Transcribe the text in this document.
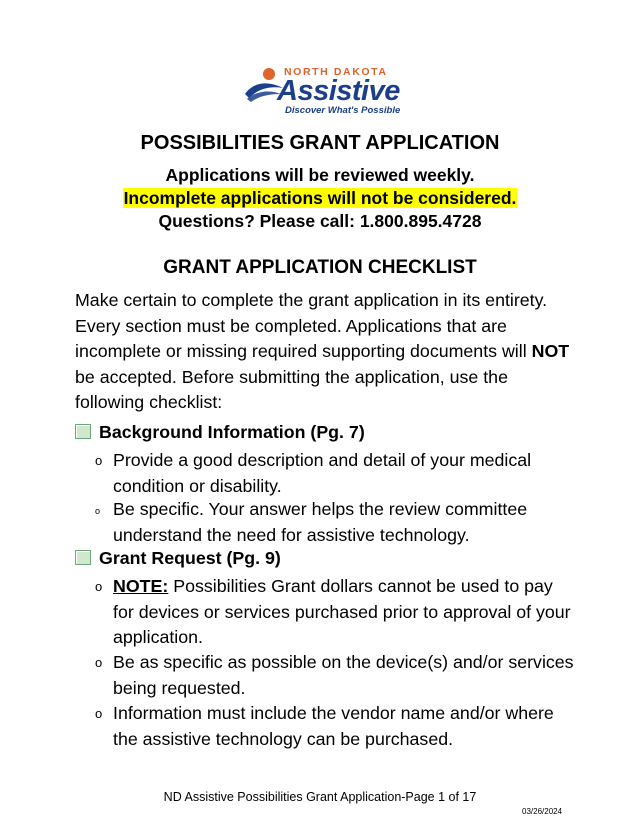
NORTH DAKOTA
Assistive
Discover What's Possible
POSSIBILITIES GRANT APPLICATION
Applications will be reviewed weekly.
Incomplete applications will not be considered.
Questions? Please call: 1.800.895.4728
GRANT APPLICATION CHECKLIST
Make certain to complete the grant application in its entirety. Every section must be completed. Applications that are incomplete or missing required supporting documents will NOT be accepted. Before submitting the application, use the following checklist:
Background Information (Pg. 7)
o Provide a good description and detail of your medical condition or disability.
o Be specific. Your answer helps the review committee understand the need for assistive technology.
Grant Request (Pg. 9)
o NOTE: Possibilities Grant dollars cannot be used to pay for devices or services purchased prior to approval of your application.
o Be as specific as possible on the device(s) and/or services being requested.
o Information must include the vendor name and/or where the assistive technology can be purchased.
ND Assistive Possibilities Grant Application-Page 1 of 17
03/26/2024
